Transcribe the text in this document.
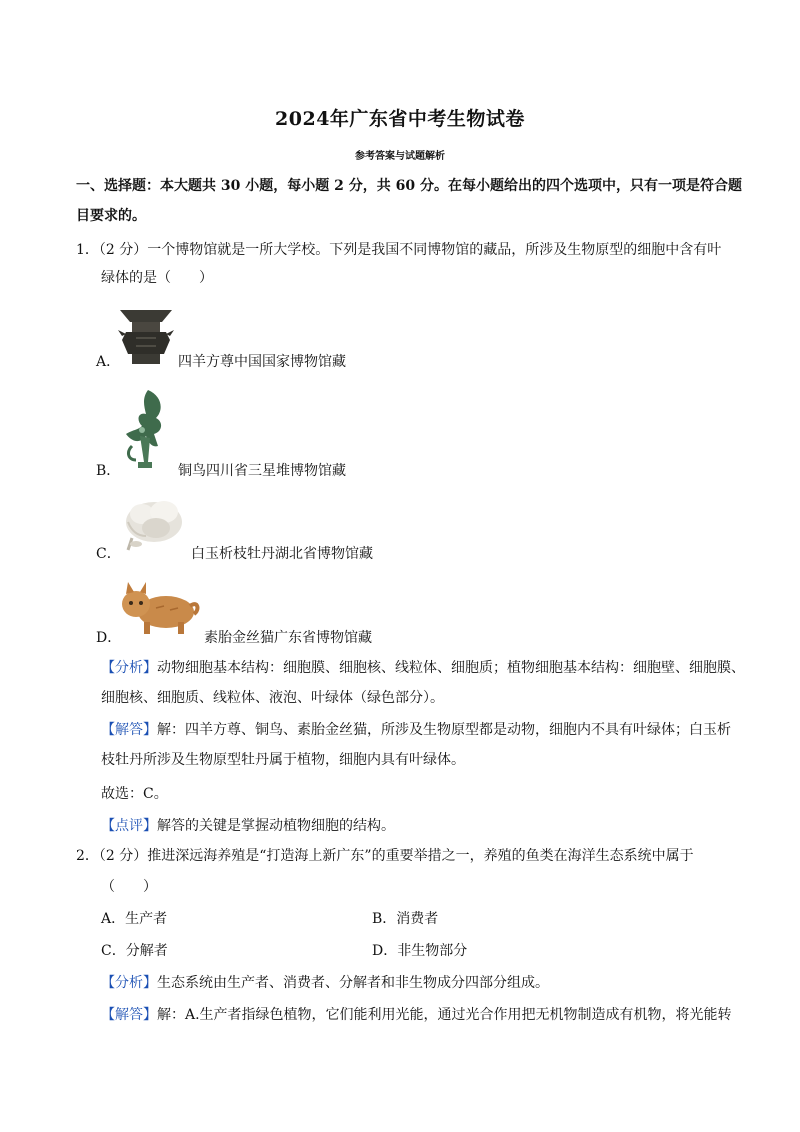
2024年广东省中考生物试卷
参考答案与试题解析
一、选择题：本大题共 30 小题，每小题 2 分，共 60 分。在每小题给出的四个选项中，只有一项是符合题
目要求的。
1．（2 分）一个博物馆就是一所大学校。下列是我国不同博物馆的藏品，所涉及生物原型的细胞中含有叶
绿体的是（　　）
A．	四羊方尊中国国家博物馆藏
B．	铜鸟四川省三星堆博物馆藏
C．	白玉析枝牡丹湖北省博物馆藏
D．	素胎金丝猫广东省博物馆藏
【分析】动物细胞基本结构：细胞膜、细胞核、线粒体、细胞质；植物细胞基本结构：细胞壁、细胞膜、
细胞核、细胞质、线粒体、液泡、叶绿体（绿色部分）。
【解答】解：四羊方尊、铜鸟、素胎金丝猫，所涉及生物原型都是动物，细胞内不具有叶绿体；白玉析
枝牡丹所涉及生物原型牡丹属于植物，细胞内具有叶绿体。
故选：C。
【点评】解答的关键是掌握动植物细胞的结构。
2．（2 分）推进深远海养殖是“打造海上新广东”的重要举措之一，养殖的鱼类在海洋生态系统中属于
（　　）
A．生产者	B．消费者
C．分解者	D．非生物部分
【分析】生态系统由生产者、消费者、分解者和非生物成分四部分组成。
【解答】解：A.生产者指绿色植物，它们能利用光能，通过光合作用把无机物制造成有机物，将光能转
